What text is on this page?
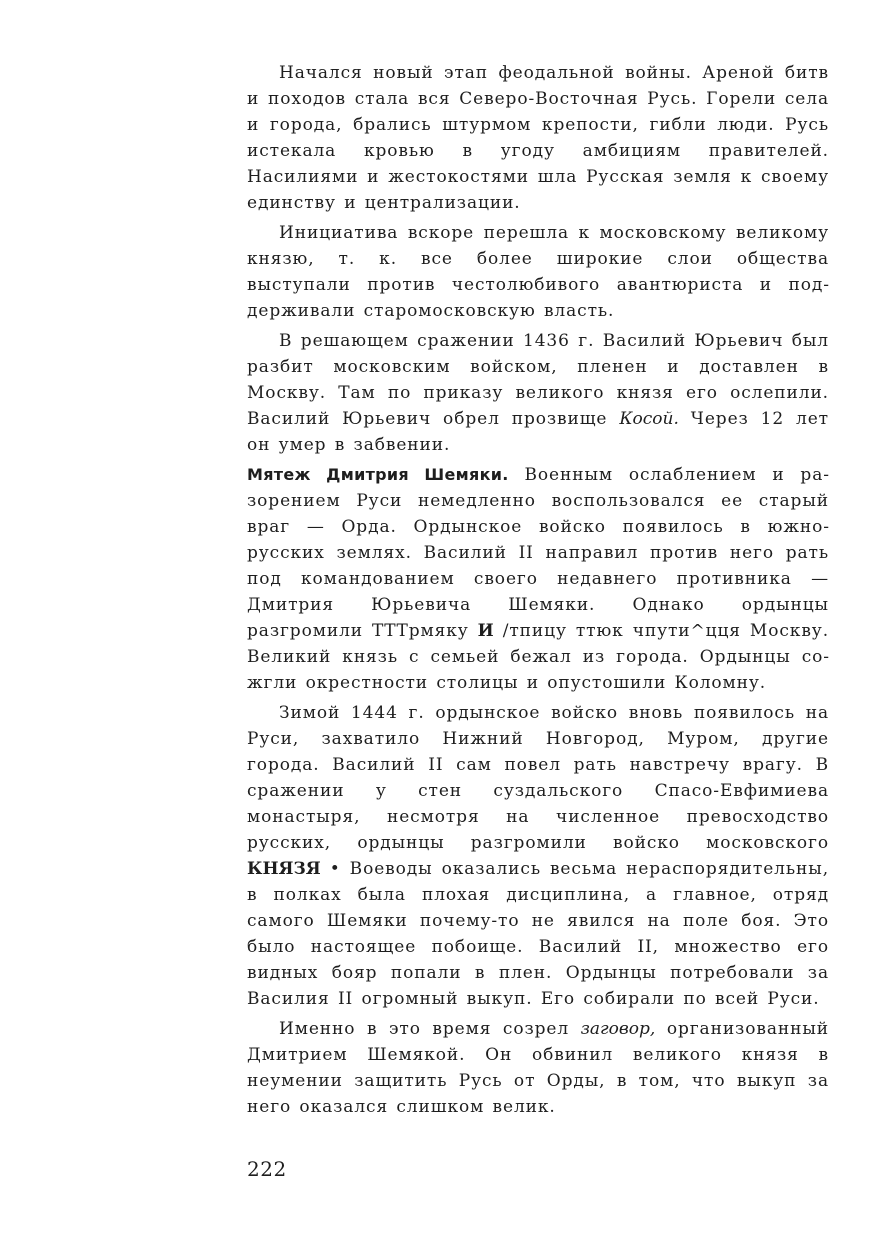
Начался новый этап феодальной войны. Ареной битв и походов стала вся Северо-Восточная Русь. Горели села и города, брались штурмом крепости, гибли люди. Русь истекала кровью в угоду амбициям правителей. Насилиями и жестокостями шла Русская земля к своему единству и централизации.

Инициатива вскоре перешла к московскому великому князю, т. к. все более широкие слои общества выступали против честолюбивого авантюриста и поддерживали старомосковскую власть.

В решающем сражении 1436 г. Василий Юрьевич был разбит московским войском, пленен и доставлен в Москву. Там по приказу великого князя его ослепили. Василий Юрьевич обрел прозвище Косой. Через 12 лет он умер в забвении.

Мятеж Дмитрия Шемяки. Военным ослаблением и разорением Руси немедленно воспользовался ее старый враг — Орда. Ордынское войско появилось в южнорусских землях. Василий II направил против него рать под командованием своего недавнего противника — Дмитрия Юрьевича Шемяки. Однако ордынцы разгромили ТТТрмяку И /тпицу ттюк чпути^цця Москву. Великий князь с семьей бежал из города. Ордынцы сожгли окрестности столицы и опустошили Коломну.

Зимой 1444 г. ордынское войско вновь появилось на Руси, захватило Нижний Новгород, Муром, другие города. Василий II сам повел рать навстречу врагу. В сражении у стен суздальского Спасо-Евфимиева монастыря, несмотря на численное превосходство русских, ордынцы разгромили войско московского КНЯЗЯ • Воеводы оказались весьма нераспорядительны, в полках была плохая дисциплина, а главное, отряд самого Шемяки почему-то не явился на поле боя. Это было настоящее побоище. Василий II, множество его видных бояр попали в плен. Ордынцы потребовали за Василия II огромный выкуп. Его собирали по всей Руси.

Именно в это время созрел заговор, организованный Дмитрием Шемякой. Он обвинил великого князя в неумении защитить Русь от Орды, в том, что выкуп за него оказался слишком велик.

222
